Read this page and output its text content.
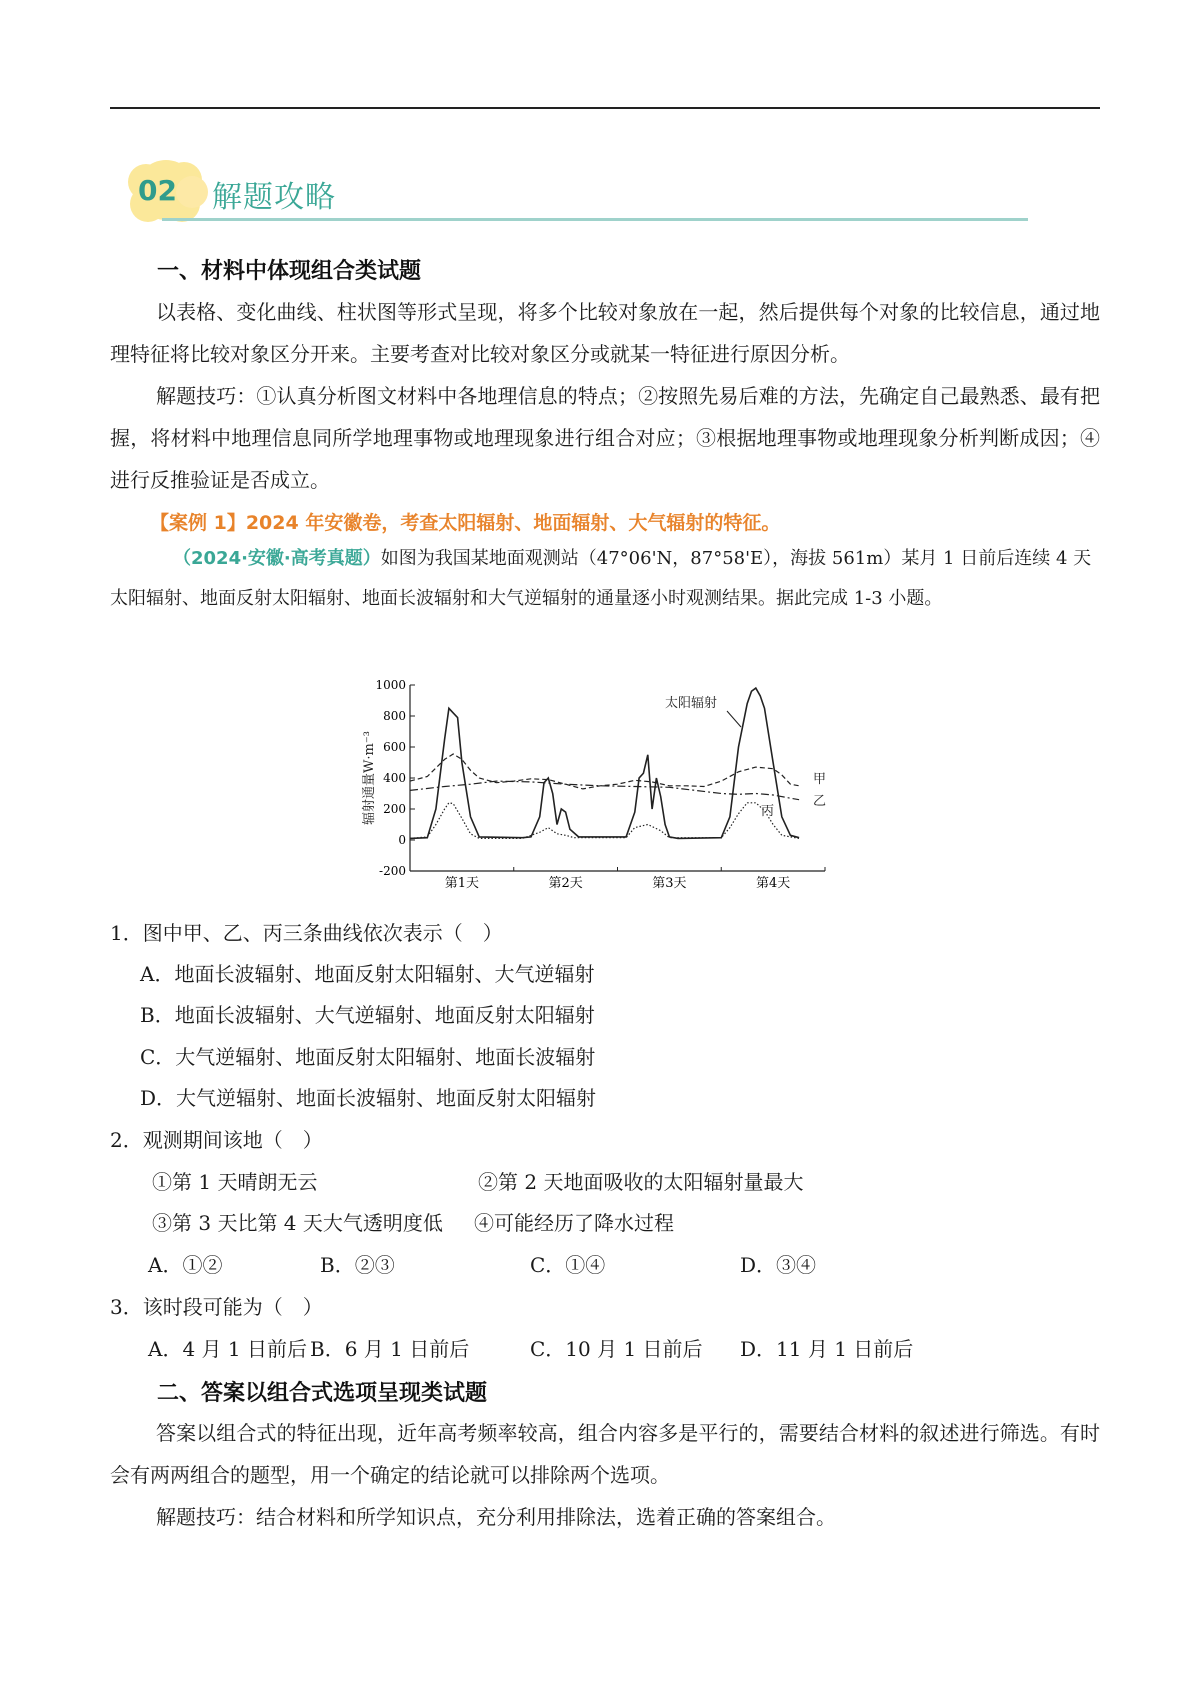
02 解题攻略
一、材料中体现组合类试题

以表格、变化曲线、柱状图等形式呈现，将多个比较对象放在一起，然后提供每个对象的比较信息，通过地理特征将比较对象区分开来。主要考查对比较对象区分或就某一特征进行原因分析。

解题技巧：①认真分析图文材料中各地理信息的特点；②按照先易后难的方法，先确定自己最熟悉、最有把握，将材料中地理信息同所学地理事物或地理现象进行组合对应；③根据地理事物或地理现象分析判断成因；④进行反推验证是否成立。

【案例 1】2024 年安徽卷，考查太阳辐射、地面辐射、大气辐射的特征。

（2024·安徽·高考真题）如图为我国某地面观测站（47°06'N，87°58'E），海拔 561m）某月 1 日前后连续 4 天太阳辐射、地面反射太阳辐射、地面长波辐射和大气逆辐射的通量逐小时观测结果。据此完成 1-3 小题。

1000
800
600
400
200
0
-200
第1天	第2天	第3天	第4天
辐射通量W·m⁻³
太阳辐射
甲
乙
丙
1．图中甲、乙、丙三条曲线依次表示（　）
A．地面长波辐射、地面反射太阳辐射、大气逆辐射
B．地面长波辐射、大气逆辐射、地面反射太阳辐射
C．大气逆辐射、地面反射太阳辐射、地面长波辐射
D．大气逆辐射、地面长波辐射、地面反射太阳辐射
2．观测期间该地（　）
①第 1 天晴朗无云	②第 2 天地面吸收的太阳辐射量最大
③第 3 天比第 4 天大气透明度低 ④可能经历了降水过程
A．①②	B．②③	C．①④	D．③④
3．该时段可能为（　）
A．4 月 1 日前后 B．6 月 1 日前后	C．10 月 1 日前后 D．11 月 1 日前后
二、答案以组合式选项呈现类试题

答案以组合式的特征出现，近年高考频率较高，组合内容多是平行的，需要结合材料的叙述进行筛选。有时会有两两组合的题型，用一个确定的结论就可以排除两个选项。

解题技巧：结合材料和所学知识点，充分利用排除法，选着正确的答案组合。
